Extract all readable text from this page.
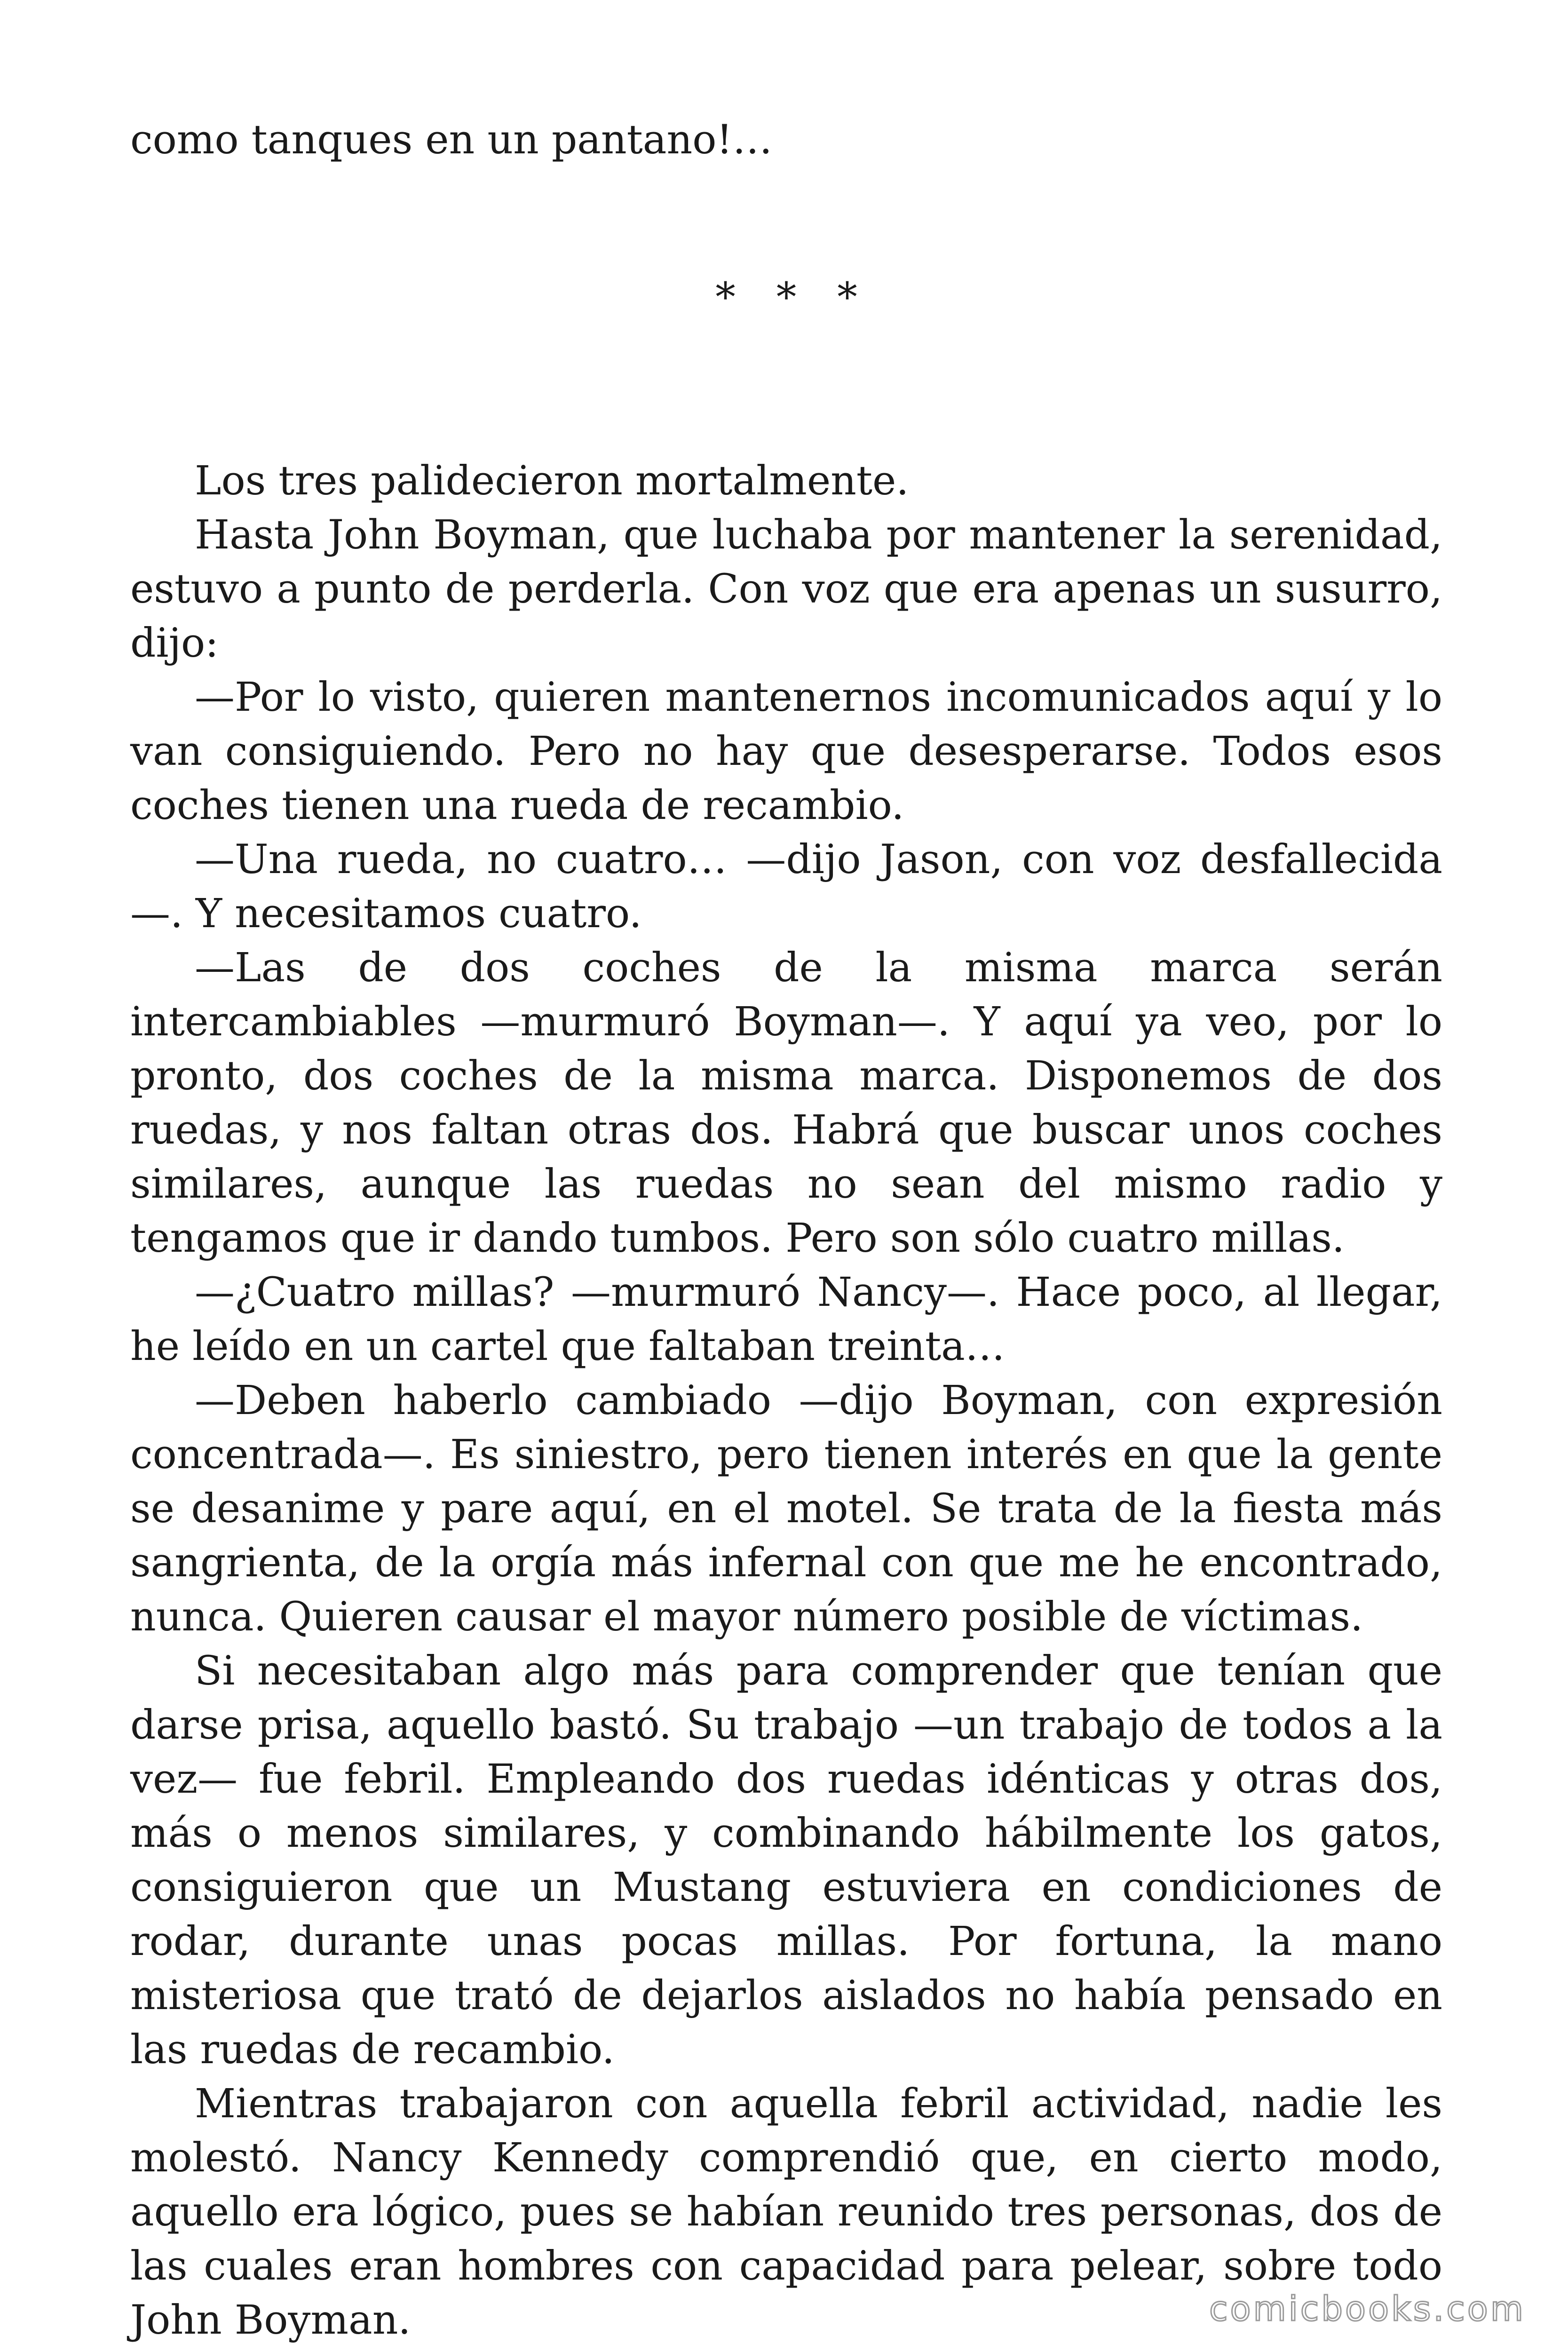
como tanques en un pantano!…

* * *

Los tres palidecieron mortalmente.

Hasta John Boyman, que luchaba por mantener la serenidad, estuvo a punto de perderla. Con voz que era apenas un susurro, dijo:

—Por lo visto, quieren mantenernos incomunicados aquí y lo van consiguiendo. Pero no hay que desesperarse. Todos esos coches tienen una rueda de recambio.

—Una rueda, no cuatro… —dijo Jason, con voz desfallecida—. Y necesitamos cuatro.

—Las de dos coches de la misma marca serán intercambiables —murmuró Boyman—. Y aquí ya veo, por lo pronto, dos coches de la misma marca. Disponemos de dos ruedas, y nos faltan otras dos. Habrá que buscar unos coches similares, aunque las ruedas no sean del mismo radio y tengamos que ir dando tumbos. Pero son sólo cuatro millas.

—¿Cuatro millas? —murmuró Nancy—. Hace poco, al llegar, he leído en un cartel que faltaban treinta…

—Deben haberlo cambiado —dijo Boyman, con expresión concentrada—. Es siniestro, pero tienen interés en que la gente se desanime y pare aquí, en el motel. Se trata de la fiesta más sangrienta, de la orgía más infernal con que me he encontrado, nunca. Quieren causar el mayor número posible de víctimas.

Si necesitaban algo más para comprender que tenían que darse prisa, aquello bastó. Su trabajo —un trabajo de todos a la vez— fue febril. Empleando dos ruedas idénticas y otras dos, más o menos similares, y combinando hábilmente los gatos, consiguieron que un Mustang estuviera en condiciones de rodar, durante unas pocas millas. Por fortuna, la mano misteriosa que trató de dejarlos aislados no había pensado en las ruedas de recambio.

Mientras trabajaron con aquella febril actividad, nadie les molestó. Nancy Kennedy comprendió que, en cierto modo, aquello era lógico, pues se habían reunido tres personas, dos de las cuales eran hombres con capacidad para pelear, sobre todo John Boyman.	comicbooks.com
